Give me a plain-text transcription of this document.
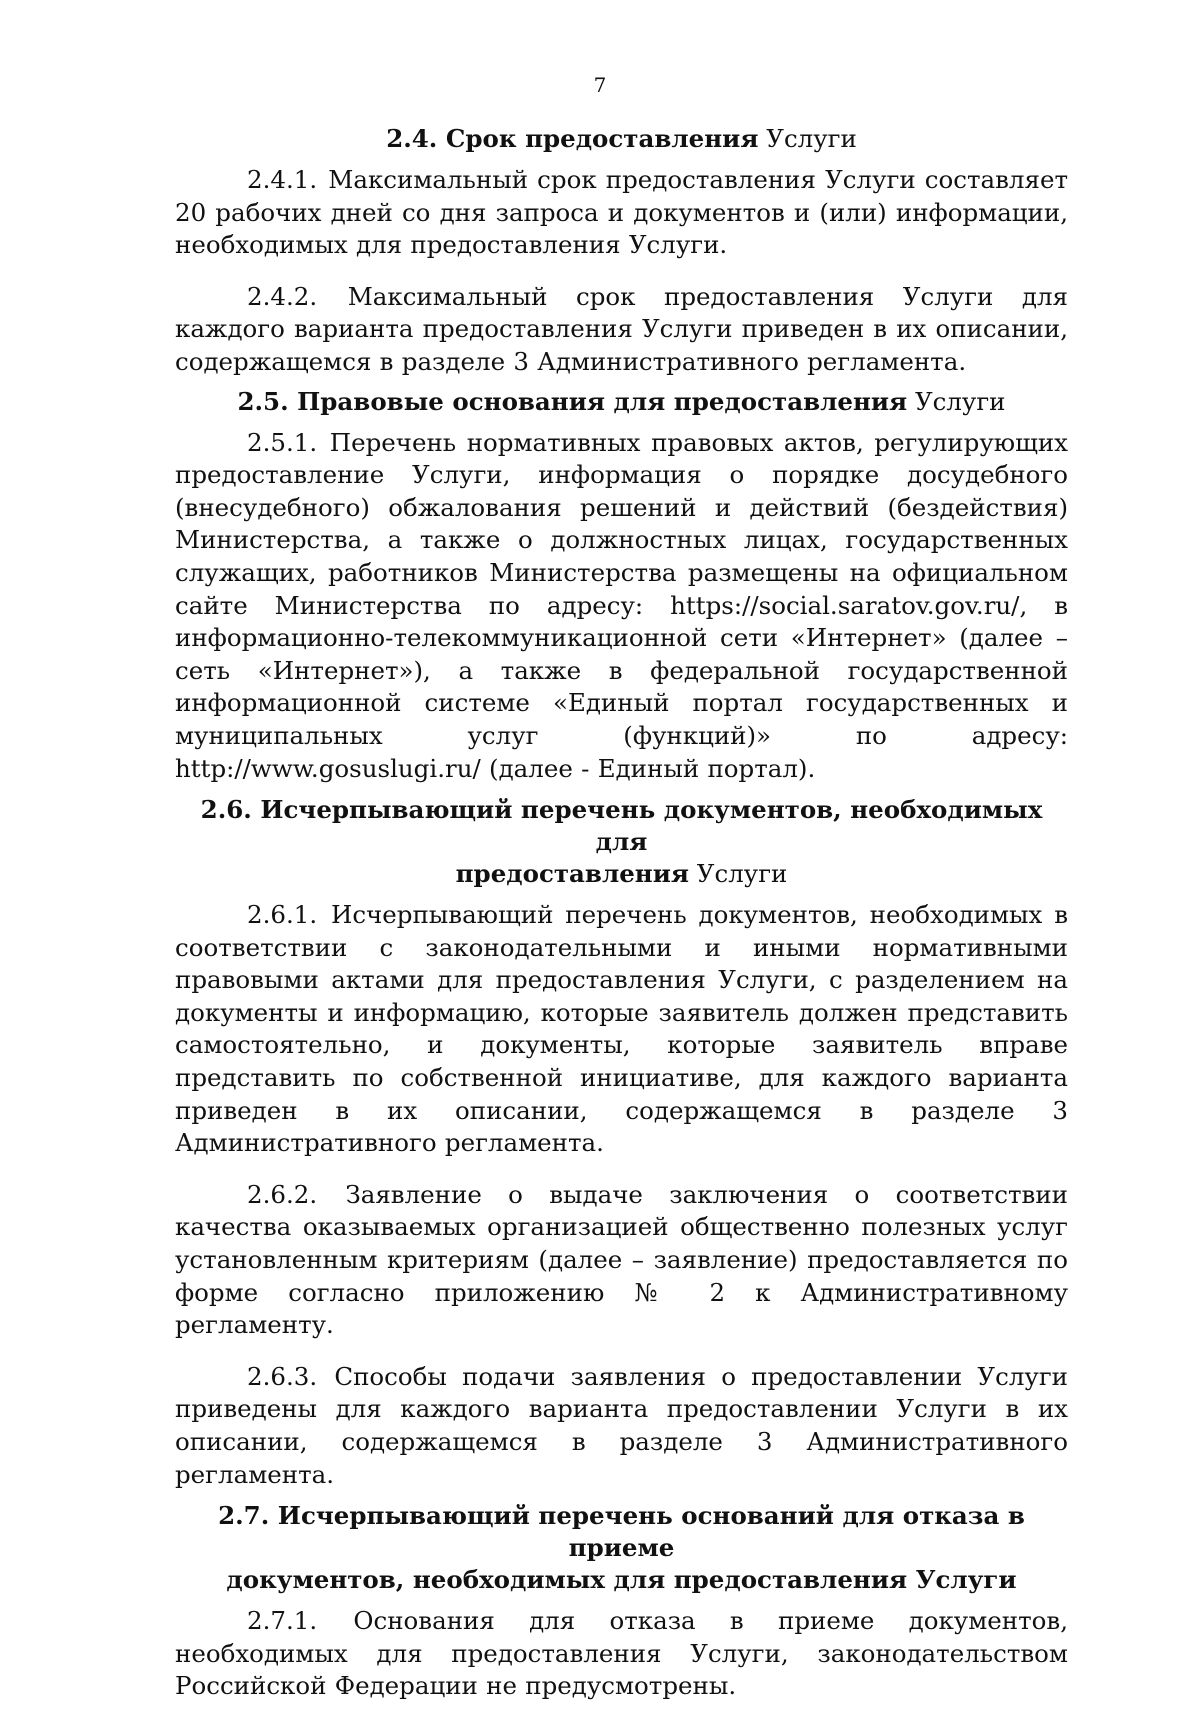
7
2.4. Срок предоставления Услуги

2.4.1. Максимальный срок предоставления Услуги составляет 20 рабочих дней со дня запроса и документов и (или) информации, необходимых для предоставления Услуги.

2.4.2. Максимальный срок предоставления Услуги для каждого варианта предоставления Услуги приведен в их описании, содержащемся в разделе 3 Административного регламента.

2.5. Правовые основания для предоставления Услуги

2.5.1. Перечень нормативных правовых актов, регулирующих предоставление Услуги, информация о порядке досудебного (внесудебного) обжалования решений и действий (бездействия) Министерства, а также о должностных лицах, государственных служащих, работников Министерства размещены на официальном сайте Министерства по адресу: https://social.saratov.gov.ru/, в информационно-телекоммуникационной сети «Интернет» (далее – сеть «Интернет»), а также в федеральной государственной информационной системе «Единый портал государственных и муниципальных услуг (функций)» по адресу: http://www.gosuslugi.ru/ (далее - Единый портал).

2.6. Исчерпывающий перечень документов, необходимых для
предоставления Услуги

2.6.1. Исчерпывающий перечень документов, необходимых в соответствии с законодательными и иными нормативными правовыми актами для предоставления Услуги, с разделением на документы и информацию, которые заявитель должен представить самостоятельно, и документы, которые заявитель вправе представить по собственной инициативе, для каждого варианта приведен в их описании, содержащемся в разделе 3 Административного регламента.

2.6.2. Заявление о выдаче заключения о соответствии качества оказываемых организацией общественно полезных услуг установленным критериям (далее – заявление) предоставляется по форме согласно приложению № 2 к Административному регламенту.

2.6.3. Способы подачи заявления о предоставлении Услуги приведены для каждого варианта предоставлении Услуги в их описании, содержащемся в разделе 3 Административного регламента.

2.7. Исчерпывающий перечень оснований для отказа в приеме
документов, необходимых для предоставления Услуги

2.7.1. Основания для отказа в приеме документов, необходимых для предоставления Услуги, законодательством Российской Федерации не предусмотрены.
